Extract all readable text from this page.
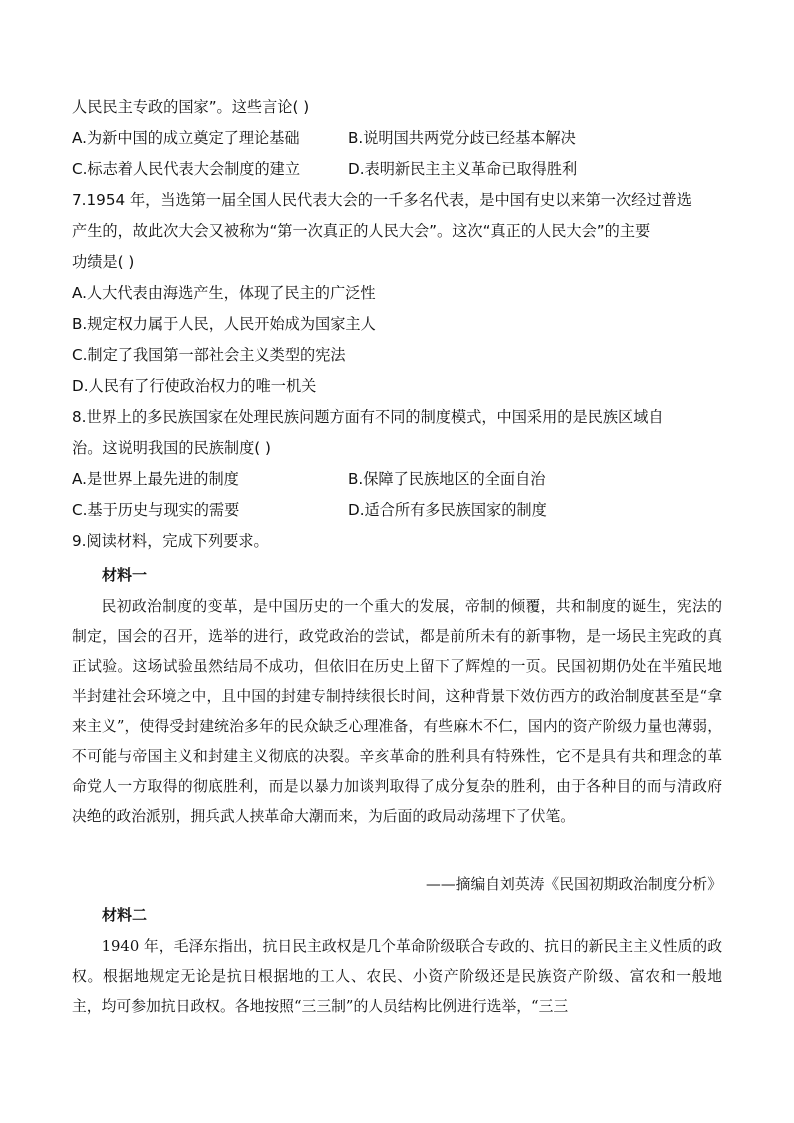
人民民主专政的国家”。这些言论( )
A.为新中国的成立奠定了理论基础	B.说明国共两党分歧已经基本解决
C.标志着人民代表大会制度的建立	D.表明新民主主义革命已取得胜利
7.1954 年，当选第一届全国人民代表大会的一千多名代表，是中国有史以来第一次经过普选
产生的，故此次大会又被称为“第一次真正的人民大会”。这次“真正的人民大会”的主要
功绩是( )
A.人大代表由海选产生，体现了民主的广泛性
B.规定权力属于人民，人民开始成为国家主人
C.制定了我国第一部社会主义类型的宪法
D.人民有了行使政治权力的唯一机关
8.世界上的多民族国家在处理民族问题方面有不同的制度模式，中国采用的是民族区域自
治。这说明我国的民族制度( )
A.是世界上最先进的制度	B.保障了民族地区的全面自治
C.基于历史与现实的需要	D.适合所有多民族国家的制度
9.阅读材料，完成下列要求。
材料一

民初政治制度的变革，是中国历史的一个重大的发展，帝制的倾覆，共和制度的诞生，宪法的制定，国会的召开，选举的进行，政党政治的尝试，都是前所未有的新事物，是一场民主宪政的真正试验。这场试验虽然结局不成功，但依旧在历史上留下了辉煌的一页。民国初期仍处在半殖民地半封建社会环境之中，且中国的封建专制持续很长时间，这种背景下效仿西方的政治制度甚至是“拿来主义”，使得受封建统治多年的民众缺乏心理准备，有些麻木不仁，国内的资产阶级力量也薄弱，不可能与帝国主义和封建主义彻底的决裂。辛亥革命的胜利具有特殊性，它不是具有共和理念的革命党人一方取得的彻底胜利，而是以暴力加谈判取得了成分复杂的胜利，由于各种目的而与清政府决绝的政治派别，拥兵武人挟革命大潮而来，为后面的政局动荡埋下了伏笔。

——摘编自刘英涛《民国初期政治制度分析》
材料二

1940 年，毛泽东指出，抗日民主政权是几个革命阶级联合专政的、抗日的新民主主义性质的政权。根据地规定无论是抗日根据地的工人、农民、小资产阶级还是民族资产阶级、富农和一般地主，均可参加抗日政权。各地按照“三三制”的人员结构比例进行选举，“三三
